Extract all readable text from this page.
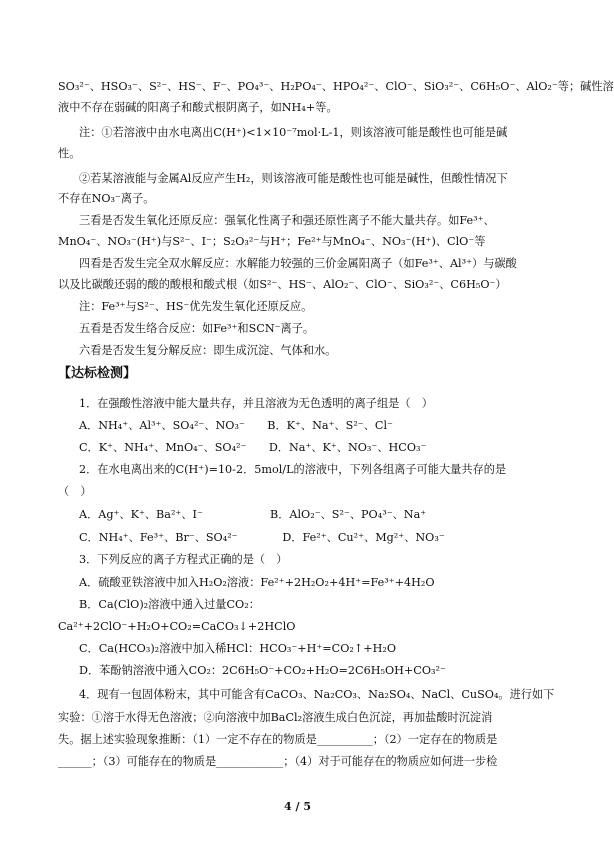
SO₃²⁻、HSO₃⁻、S²⁻、HS⁻、F⁻、PO₄³⁻、H₂PO₄⁻、HPO₄²⁻、ClO⁻、SiO₃²⁻、C6H₅O⁻、AlO₂⁻等；碱性溶
液中不存在弱碱的阳离子和酸式根阴离子，如NH₄+等。
注：①若溶液中由水电离出C(H⁺)<1×10⁻⁷mol·L-1，则该溶液可能是酸性也可能是碱
性。
②若某溶液能与金属Al反应产生H₂，则该溶液可能是酸性也可能是碱性，但酸性情况下
不存在NO₃⁻离子。
三看是否发生氧化还原反应：强氧化性离子和强还原性离子不能大量共存。如Fe³⁺、
MnO₄⁻、NO₃⁻(H⁺)与S²⁻、I⁻；S₂O₃²⁻与H⁺；Fe²⁺与MnO₄⁻、NO₃⁻(H⁺)、ClO⁻等
四看是否发生完全双水解反应：水解能力较强的三价金属阳离子（如Fe³⁺、Al³⁺）与碳酸
以及比碳酸还弱的酸的酸根和酸式根（如S²⁻、HS⁻、AlO₂⁻、ClO⁻、SiO₃²⁻、C6H₅O⁻）
注：Fe³⁺与S²⁻、HS⁻优先发生氧化还原反应。
五看是否发生络合反应：如Fe³⁺和SCN⁻离子。
六看是否发生复分解反应：即生成沉淀、气体和水。
【达标检测】
1．在强酸性溶液中能大量共存，并且溶液为无色透明的离子组是（　）
A．NH₄⁺、Al³⁺、SO₄²⁻、NO₃⁻　　B．K⁺、Na⁺、S²⁻、Cl⁻
C．K⁺、NH₄⁺、MnO₄⁻、SO₄²⁻　　D．Na⁺、K⁺、NO₃⁻、HCO₃⁻
2．在水电离出来的C(H⁺)=10-2．5mol/L的溶液中，下列各组离子可能大量共存的是
（　）
A．Ag⁺、K⁺、Ba²⁺、I⁻　　　　　　B．AlO₂⁻、S²⁻、PO₄³⁻、Na⁺
C．NH₄⁺、Fe³⁺、Br⁻、SO₄²⁻　　　　D．Fe²⁺、Cu²⁺、Mg²⁺、NO₃⁻
3．下列反应的离子方程式正确的是（　）
A．硫酸亚铁溶液中加入H₂O₂溶液：Fe²⁺+2H₂O₂+4H⁺=Fe³⁺+4H₂O
B．Ca(ClO)₂溶液中通入过量CO₂：
Ca²⁺+2ClO⁻+H₂O+CO₂=CaCO₃↓+2HClO
C．Ca(HCO₃)₂溶液中加入稀HCl：HCO₃⁻+H⁺=CO₂↑+H₂O
D．苯酚钠溶液中通入CO₂：2C6H₅O⁻+CO₂+H₂O=2C6H₅OH+CO₃²⁻
4．现有一包固体粉末，其中可能含有CaCO₃、Na₂CO₃、Na₂SO₄、NaCl、CuSO₄。进行如下
实验：①溶于水得无色溶液；②向溶液中加BaCl₂溶液生成白色沉淀，再加盐酸时沉淀消
失。据上述实验现象推断：（1）一定不存在的物质是__________；（2）一定存在的物质是
______；（3）可能存在的物质是____________；（4）对于可能存在的物质应如何进一步检
4 / 5
